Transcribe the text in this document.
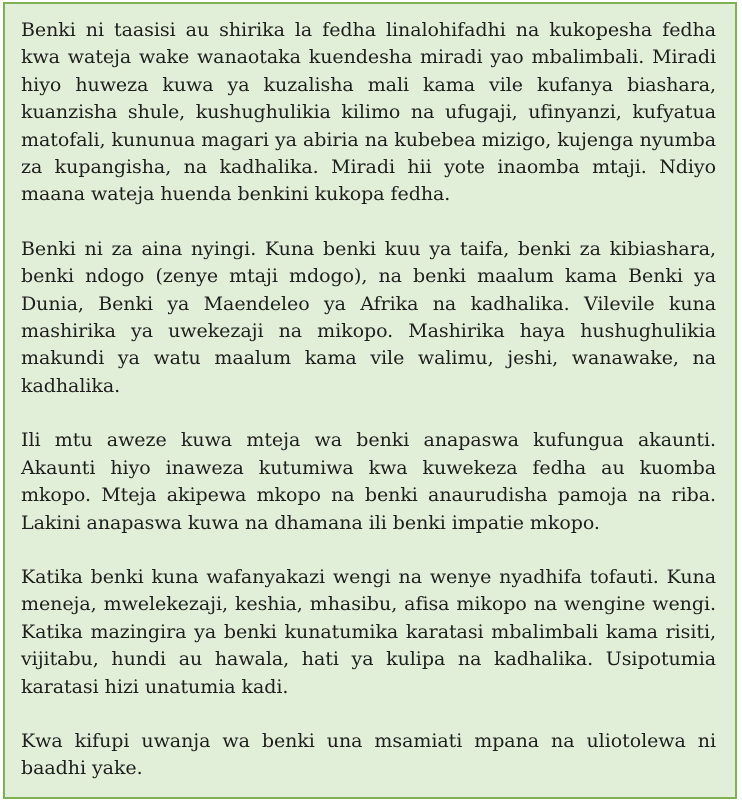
Benki ni taasisi au shirika la fedha linalohifadhi na kukopesha fedha kwa wateja wake wanaotaka kuendesha miradi yao mbalimbali. Miradi hiyo huweza kuwa ya kuzalisha mali kama vile kufanya biashara, kuanzisha shule, kushughulikia kilimo na ufugaji, ufinyanzi, kufyatua matofali, kununua magari ya abiria na kubebea mizigo, kujenga nyumba za kupangisha, na kadhalika. Miradi hii yote inaomba mtaji. Ndiyo maana wateja huenda benkini kukopa fedha.

Benki ni za aina nyingi. Kuna benki kuu ya taifa, benki za kibiashara, benki ndogo (zenye mtaji mdogo), na benki maalum kama Benki ya Dunia, Benki ya Maendeleo ya Afrika na kadhalika. Vilevile kuna mashirika ya uwekezaji na mikopo. Mashirika haya hushughulikia makundi ya watu maalum kama vile walimu, jeshi, wanawake, na kadhalika.

Ili mtu aweze kuwa mteja wa benki anapaswa kufungua akaunti. Akaunti hiyo inaweza kutumiwa kwa kuwekeza fedha au kuomba mkopo. Mteja akipewa mkopo na benki anaurudisha pamoja na riba. Lakini anapaswa kuwa na dhamana ili benki impatie mkopo.

Katika benki kuna wafanyakazi wengi na wenye nyadhifa tofauti. Kuna meneja, mwelekezaji, keshia, mhasibu, afisa mikopo na wengine wengi. Katika mazingira ya benki kunatumika karatasi mbalimbali kama risiti, vijitabu, hundi au hawala, hati ya kulipa na kadhalika. Usipotumia karatasi hizi unatumia kadi.

Kwa kifupi uwanja wa benki una msamiati mpana na uliotolewa ni baadhi yake.
